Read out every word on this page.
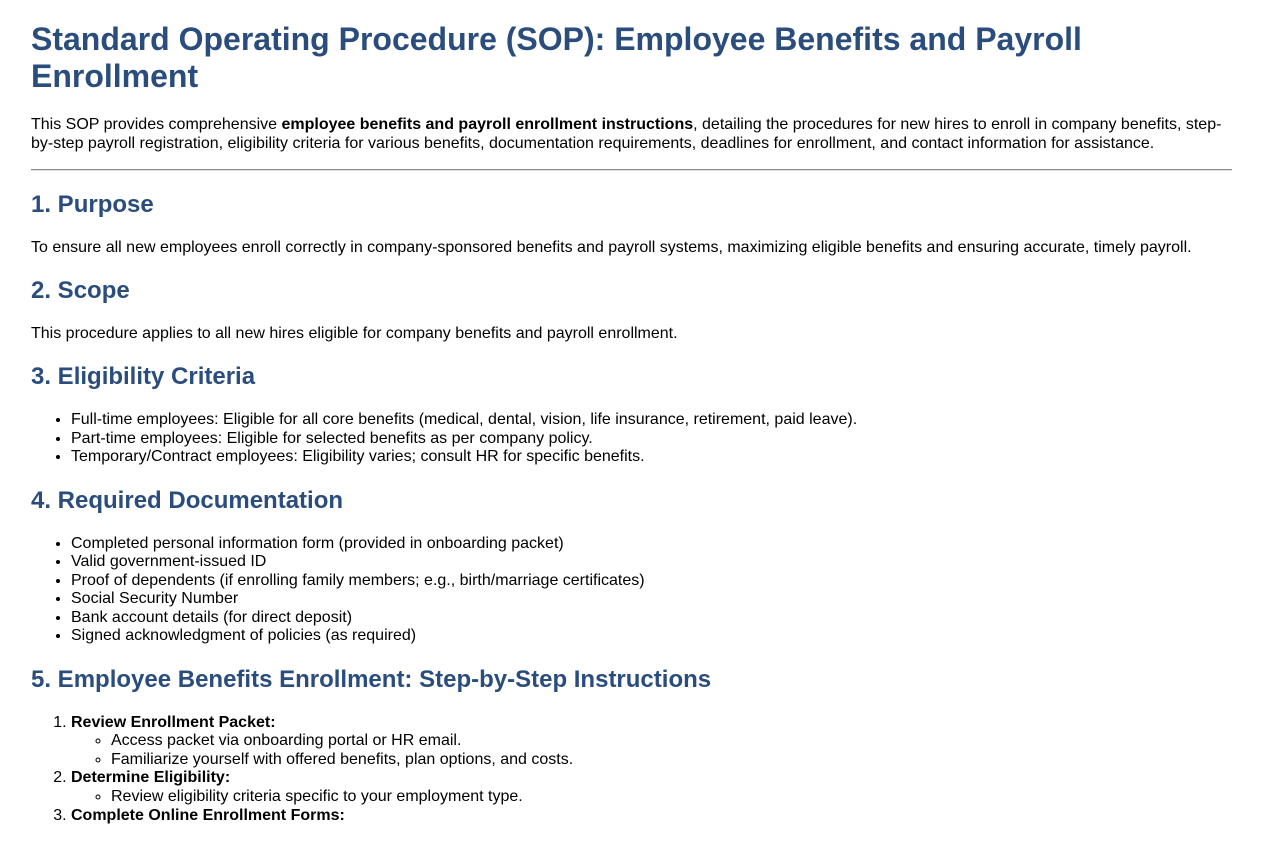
Standard Operating Procedure (SOP): Employee Benefits and Payroll Enrollment

This SOP provides comprehensive employee benefits and payroll enrollment instructions, detailing the procedures for new hires to enroll in company benefits, step-by-step payroll registration, eligibility criteria for various benefits, documentation requirements, deadlines for enrollment, and contact information for assistance.

1. Purpose

To ensure all new employees enroll correctly in company-sponsored benefits and payroll systems, maximizing eligible benefits and ensuring accurate, timely payroll.

2. Scope

This procedure applies to all new hires eligible for company benefits and payroll enrollment.

3. Eligibility Criteria
• Full-time employees: Eligible for all core benefits (medical, dental, vision, life insurance, retirement, paid leave).
• Part-time employees: Eligible for selected benefits as per company policy.
• Temporary/Contract employees: Eligibility varies; consult HR for specific benefits.
4. Required Documentation
• Completed personal information form (provided in onboarding packet)
• Valid government-issued ID
• Proof of dependents (if enrolling family members; e.g., birth/marriage certificates)
• Social Security Number
• Bank account details (for direct deposit)
• Signed acknowledgment of policies (as required)
5. Employee Benefits Enrollment: Step-by-Step Instructions
1. Review Enrollment Packet:
◦ Access packet via onboarding portal or HR email.
◦ Familiarize yourself with offered benefits, plan options, and costs.
2. Determine Eligibility:
◦ Review eligibility criteria specific to your employment type.
3. Complete Online Enrollment Forms:
